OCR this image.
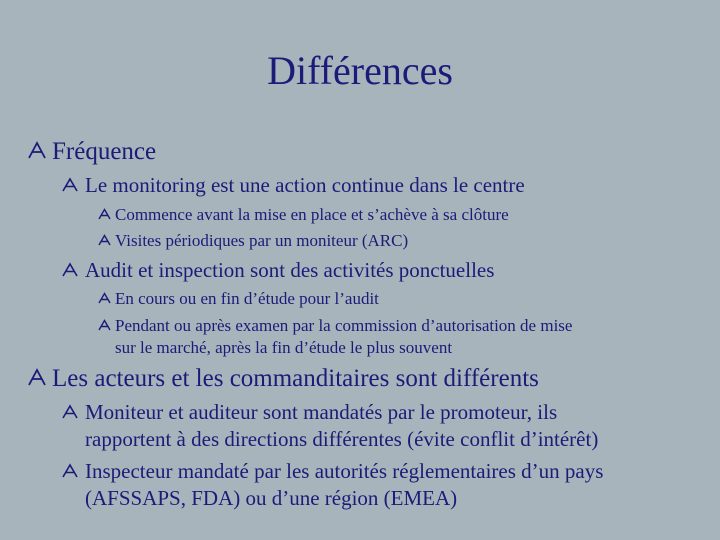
Différences
Fréquence
Le monitoring est une action continue dans le centre
Commence avant la mise en place et s’achève à sa clôture
Visites périodiques par un moniteur (ARC)
Audit et inspection sont des activités ponctuelles
En cours ou en fin d’étude pour l’audit
Pendant ou après examen par la commission d’autorisation de mise
sur le marché, après la fin d’étude le plus souvent
Les acteurs et les commanditaires sont différents
Moniteur et auditeur sont mandatés par le promoteur, ils
rapportent à des directions différentes (évite conflit d’intérêt)
Inspecteur mandaté par les autorités réglementaires d’un pays
(AFSSAPS, FDA) ou d’une région (EMEA)
